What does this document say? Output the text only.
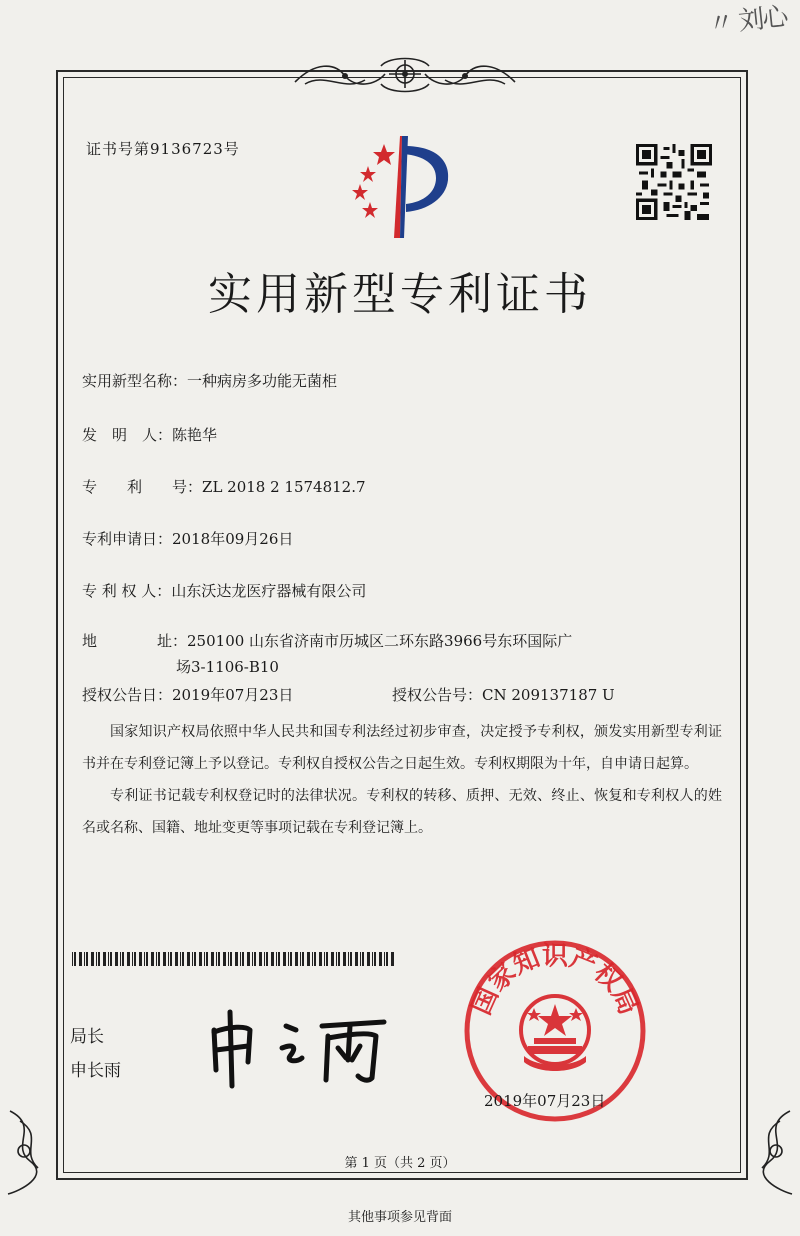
〃 刘心
证书号第9136723号
实用新型专利证书
实用新型名称：一种病房多功能无菌柜
发　明　人：陈艳华
专　　利　　号：ZL 2018 2 1574812.7
专利申请日：2018年09月26日
专 利 权 人：山东沃达龙医疗器械有限公司
地　　　　址：250100 山东省济南市历城区二环东路3966号东环国际广
场3-1106-B10
授权公告日：2019年07月23日	授权公告号：CN 209137187 U

国家知识产权局依照中华人民共和国专利法经过初步审查，决定授予专利权，颁发实用新型专利证书并在专利登记簿上予以登记。专利权自授权公告之日起生效。专利权期限为十年，自申请日起算。

专利证书记载专利权登记时的法律状况。专利权的转移、质押、无效、终止、恢复和专利权人的姓名或名称、国籍、地址变更等事项记载在专利登记簿上。

局长
申长雨
国家知识产权局
2019年07月23日
第 1 页（共 2 页）
其他事项参见背面
